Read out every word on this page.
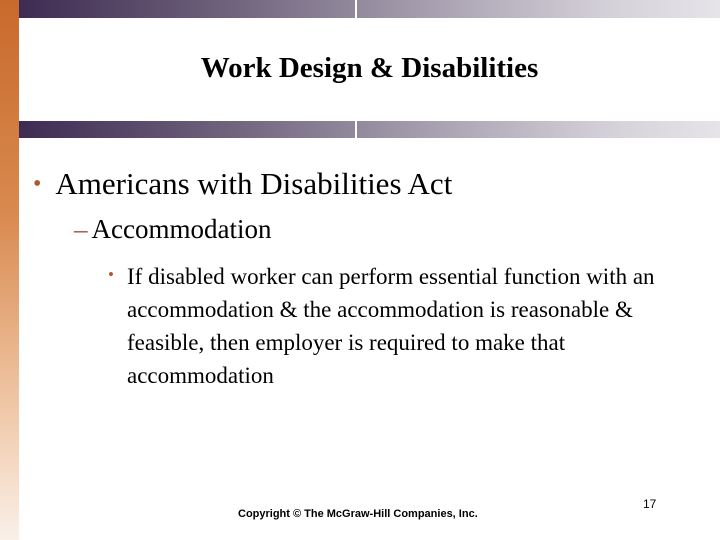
Work Design & Disabilities
• Americans with Disabilities Act
– Accommodation
• If disabled worker can perform essential function with an accommodation & the accommodation is reasonable & feasible, then employer is required to make that accommodation

Copyright © The McGraw-Hill Companies, Inc.
17
